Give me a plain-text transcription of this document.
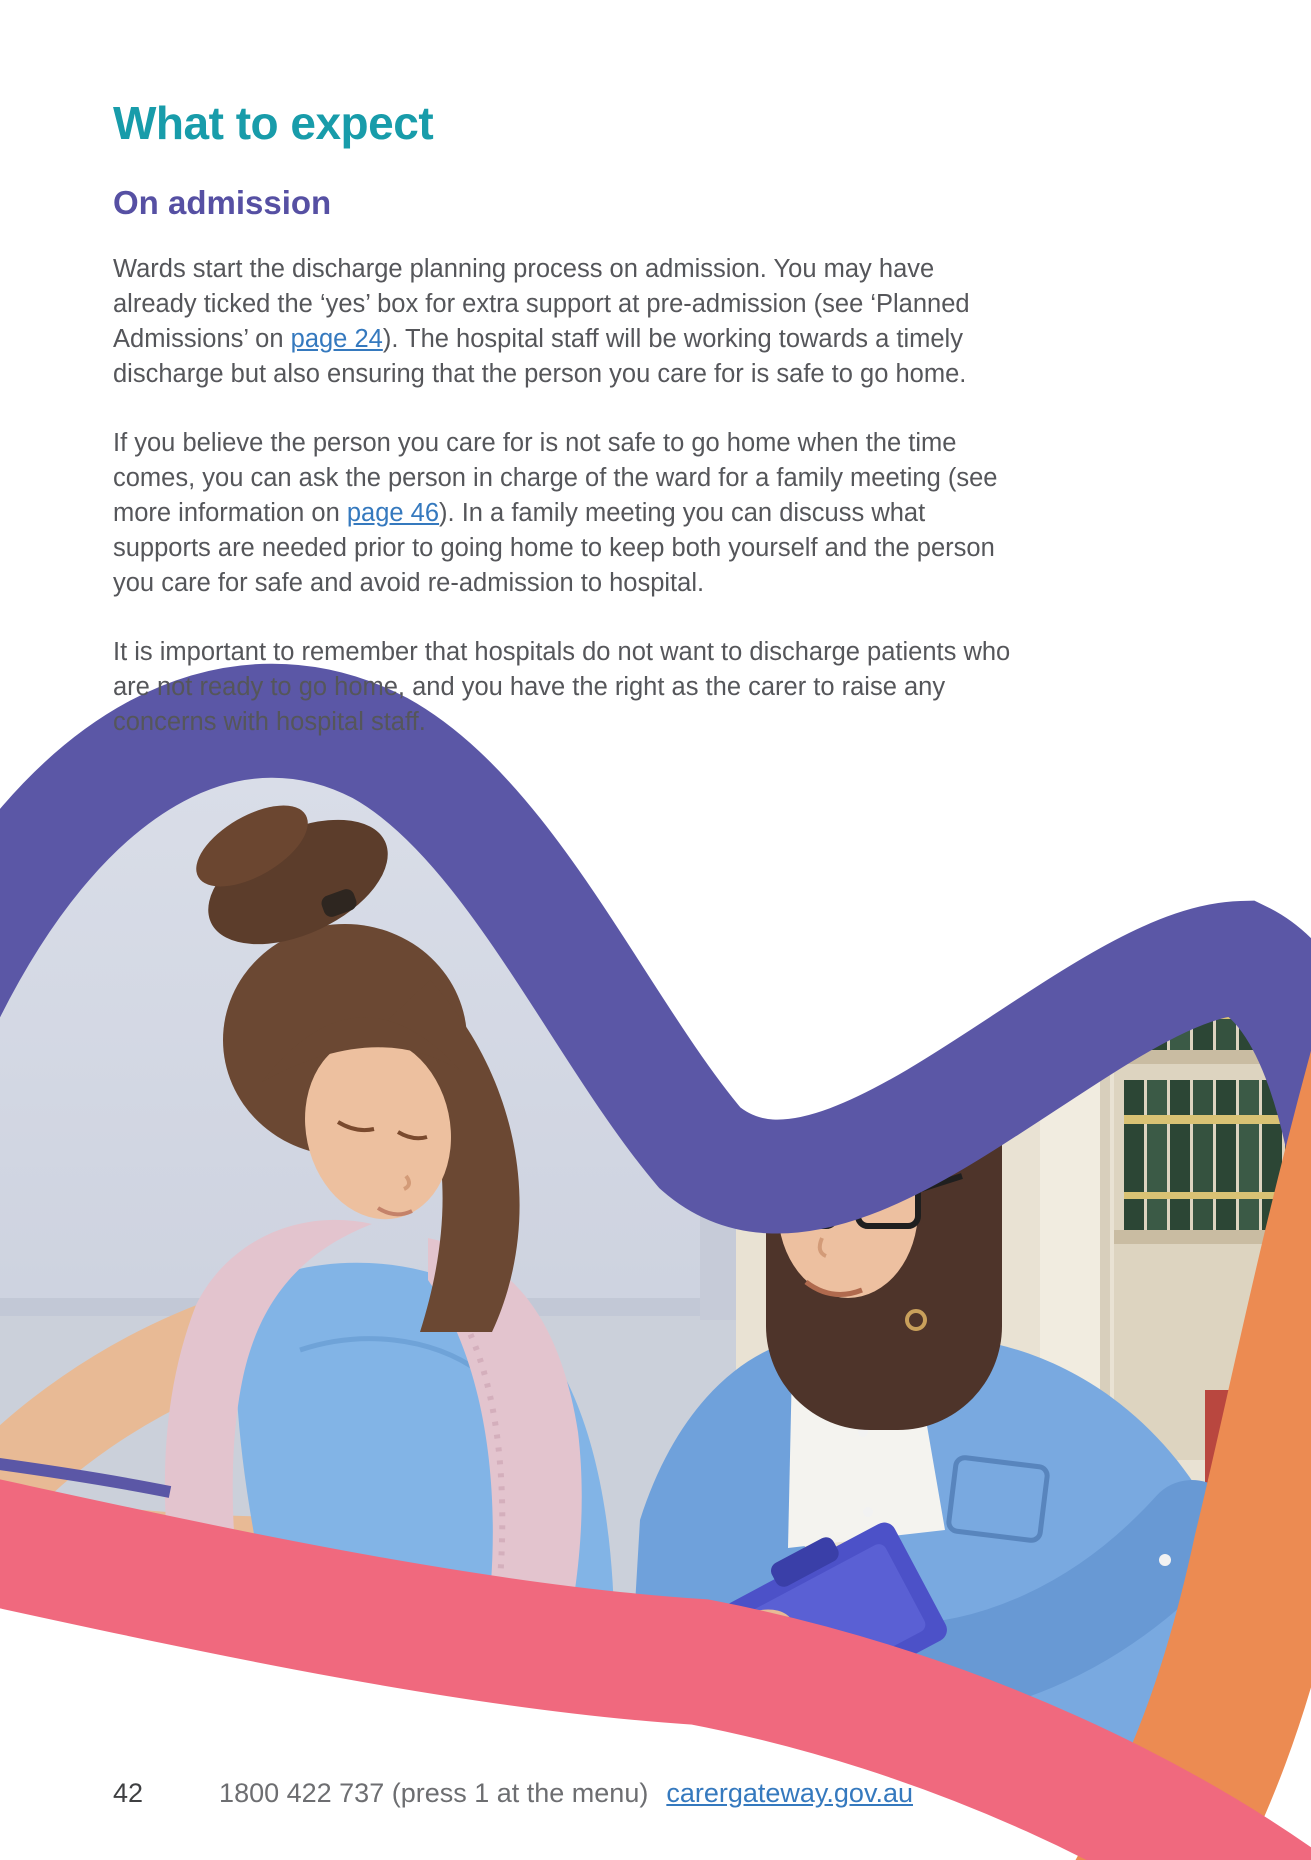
What to expect
On admission

Wards start the discharge planning process on admission. You may have already ticked the ‘yes’ box for extra support at pre-admission (see ‘Planned Admissions’ on page 24). The hospital staff will be working towards a timely discharge but also ensuring that the person you care for is safe to go home.

If you believe the person you care for is not safe to go home when the time comes, you can ask the person in charge of the ward for a family meeting (see more information on page 46). In a family meeting you can discuss what supports are needed prior to going home to keep both yourself and the person you care for safe and avoid re-admission to hospital.

It is important to remember that hospitals do not want to discharge patients who are not ready to go home, and you have the right as the carer to raise any concerns with hospital staff.

42	1800 422 737 (press 1 at the menu) carergateway.gov.au
